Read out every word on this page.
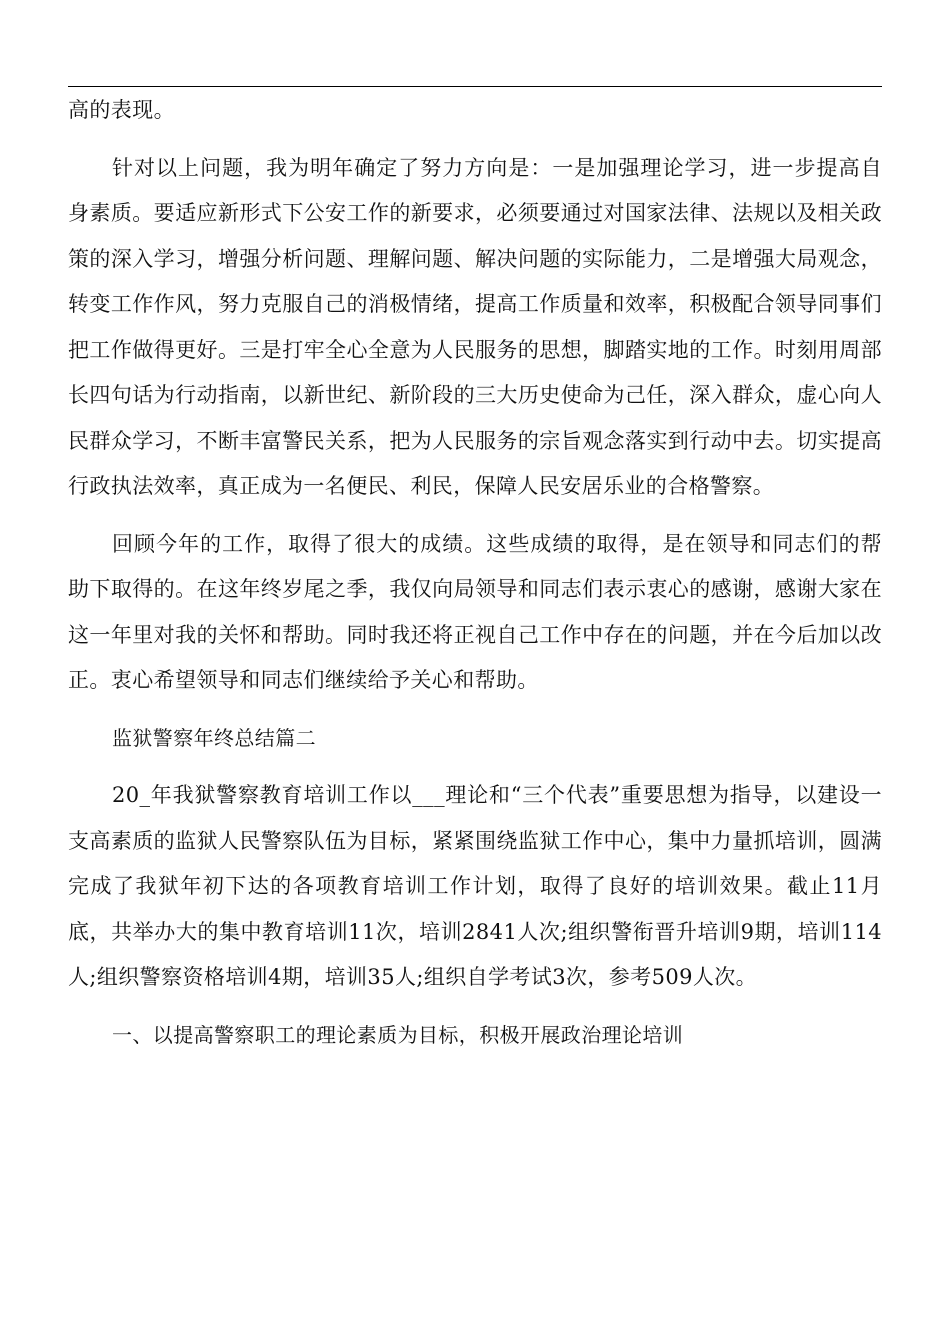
高的表现。

针对以上问题，我为明年确定了努力方向是：一是加强理论学习，进一步提高自身素质。要适应新形式下公安工作的新要求，必须要通过对国家法律、法规以及相关政策的深入学习，增强分析问题、理解问题、解决问题的实际能力，二是增强大局观念，转变工作作风，努力克服自己的消极情绪，提高工作质量和效率，积极配合领导同事们把工作做得更好。三是打牢全心全意为人民服务的思想，脚踏实地的工作。时刻用周部长四句话为行动指南，以新世纪、新阶段的三大历史使命为己任，深入群众，虚心向人民群众学习，不断丰富警民关系，把为人民服务的宗旨观念落实到行动中去。切实提高行政执法效率，真正成为一名便民、利民，保障人民安居乐业的合格警察。

回顾今年的工作，取得了很大的成绩。这些成绩的取得，是在领导和同志们的帮助下取得的。在这年终岁尾之季，我仅向局领导和同志们表示衷心的感谢，感谢大家在这一年里对我的关怀和帮助。同时我还将正视自己工作中存在的问题，并在今后加以改正。衷心希望领导和同志们继续给予关心和帮助。

监狱警察年终总结篇二

20_年我狱警察教育培训工作以___理论和“三个代表”重要思想为指导，以建设一支高素质的监狱人民警察队伍为目标，紧紧围绕监狱工作中心，集中力量抓培训，圆满完成了我狱年初下达的各项教育培训工作计划，取得了良好的培训效果。截止11月底，共举办大的集中教育培训11次，培训2841人次;组织警衔晋升培训9期，培训114人;组织警察资格培训4期，培训35人;组织自学考试3次，参考509人次。

一、以提高警察职工的理论素质为目标，积极开展政治理论培训
